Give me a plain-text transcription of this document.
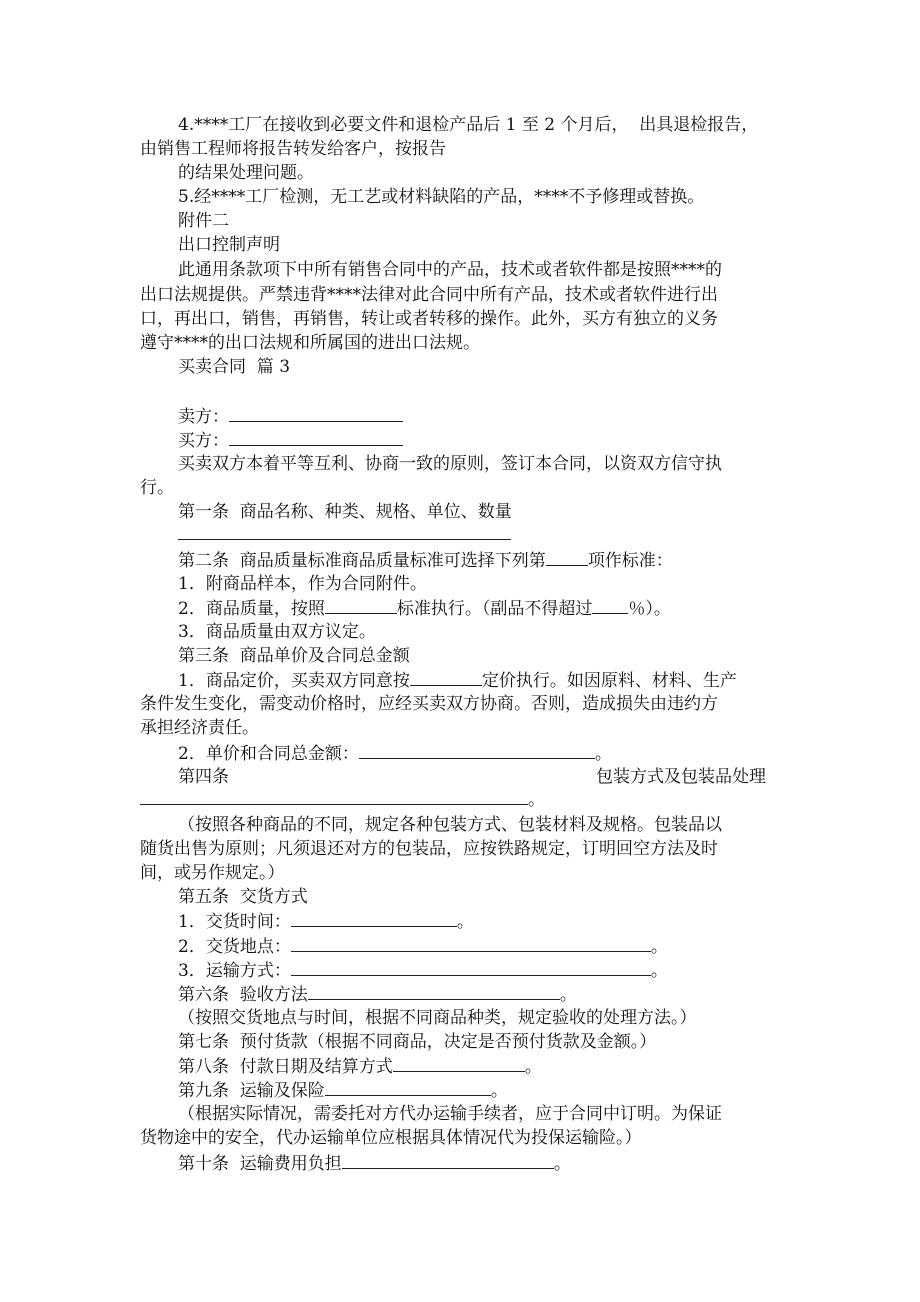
4.****工厂在接收到必要文件和退检产品后 1 至 2 个月后，  出具退检报告，
由销售工程师将报告转发给客户，按报告
的结果处理问题。
5.经****工厂检测，无工艺或材料缺陷的产品，****不予修理或替换。
附件二
出口控制声明
此通用条款项下中所有销售合同中的产品，技术或者软件都是按照****的
出口法规提供。严禁违背****法律对此合同中所有产品，技术或者软件进行出
口，再出口，销售，再销售，转让或者转移的操作。此外，买方有独立的义务
遵守****的出口法规和所属国的进出口法规。
买卖合同  篇 3
卖方：
买方：
买卖双方本着平等互利、协商一致的原则，签订本合同，以资双方信守执
行。
第一条  商品名称、种类、规格、单位、数量
第二条  商品质量标准商品质量标准可选择下列第 项作标准：
1．附商品样本，作为合同附件。
2．商品质量，按照	标准执行。（副品不得超过 ％）。
3．商品质量由双方议定。
第三条  商品单价及合同总金额
1．商品定价，买卖双方同意按	定价执行。如因原料、材料、生产
条件发生变化，需变动价格时，应经买卖双方协商。否则，造成损失由违约方
承担经济责任。
2．单价和合同总金额：	。
第四条	包装方式及包装品处理
。
（按照各种商品的不同，规定各种包装方式、包装材料及规格。包装品以
随货出售为原则；凡须退还对方的包装品，应按铁路规定，订明回空方法及时
间，或另作规定。）
第五条  交货方式
1．交货时间：	。
2．交货地点：	。
3．运输方式：	。
第六条  验收方法	。
（按照交货地点与时间，根据不同商品种类，规定验收的处理方法。）
第七条  预付货款（根据不同商品，决定是否预付货款及金额。）
第八条  付款日期及结算方式	。
第九条  运输及保险	。
（根据实际情况，需委托对方代办运输手续者，应于合同中订明。为保证
货物途中的安全，代办运输单位应根据具体情况代为投保运输险。）
第十条  运输费用负担	。
